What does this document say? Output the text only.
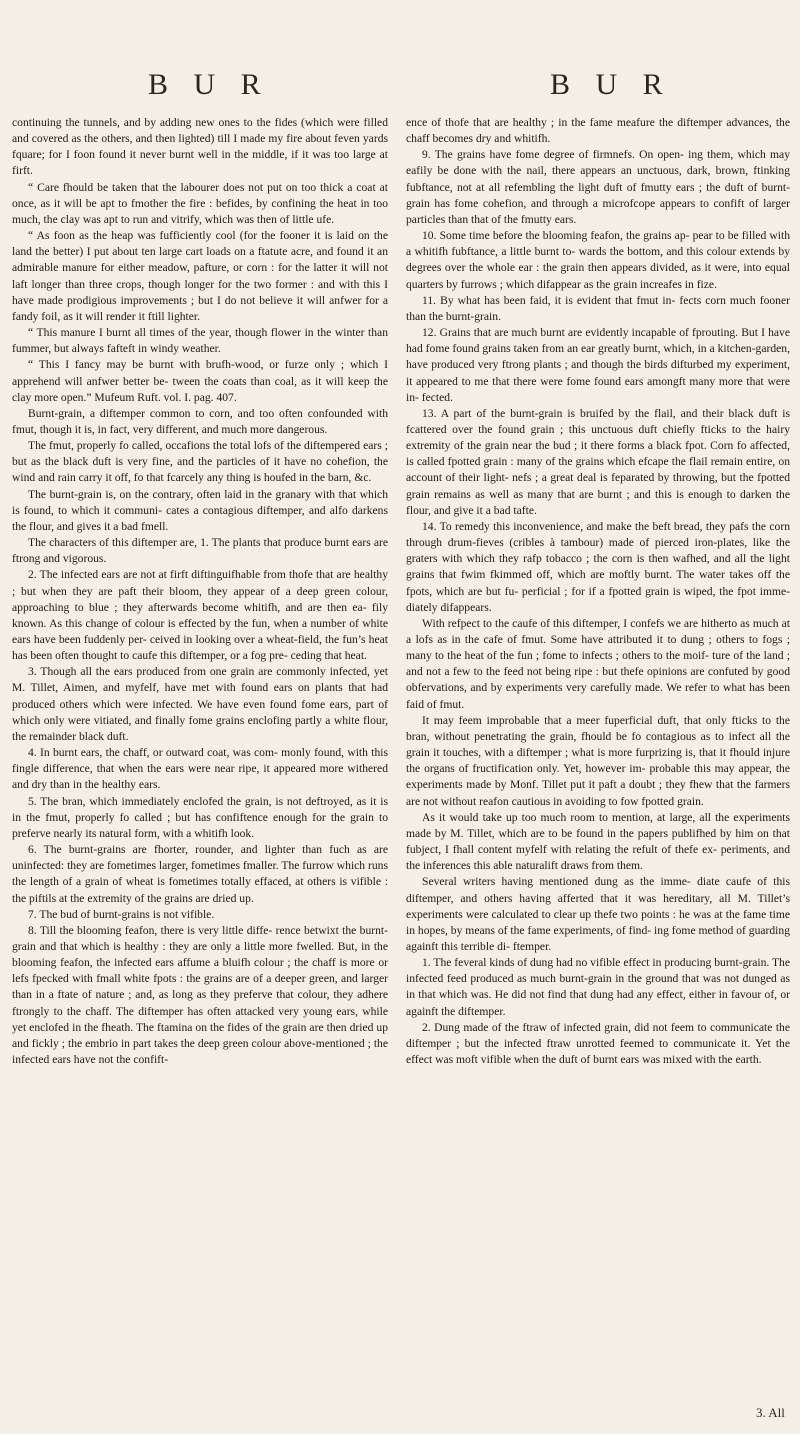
B U R	B U R

continuing the tunnels, and by adding new ones to the fides (which were filled and covered as the others, and then lighted) till I made my fire about feven yards fquare; for I foon found it never burnt well in the middle, if it was too large at firft.

“ Care fhould be taken that the labourer does not put on too thick a coat at once, as it will be apt to fmother the fire : befides, by confining the heat in too much, the clay was apt to run and vitrify, which was then of little ufe.

“ As foon as the heap was fufficiently cool (for the fooner it is laid on the land the better) I put about ten large cart loads on a ftatute acre, and found it an admirable manure for either meadow, pafture, or corn : for the latter it will not laft longer than three crops, though longer for the two former : and with this I have made prodigious improvements ; but I do not believe it will anfwer for a fandy foil, as it will render it ftill lighter.

“ This manure I burnt all times of the year, though flower in the winter than fummer, but always fafteft in windy weather.

“ This I fancy may be burnt with brufh-wood, or furze only ; which I apprehend will anfwer better be- tween the coats than coal, as it will keep the clay more open.” Mufeum Ruft. vol. I. pag. 407.

Burnt-grain, a diftemper common to corn, and too often confounded with fmut, though it is, in fact, very different, and much more dangerous.

The fmut, properly fo called, occafions the total lofs of the diftempered ears ; but as the black duft is very fine, and the particles of it have no cohefion, the wind and rain carry it off, fo that fcarcely any thing is houfed in the barn, &c.

The burnt-grain is, on the contrary, often laid in the granary with that which is found, to which it communi- cates a contagious diftemper, and alfo darkens the flour, and gives it a bad fmell.

The characters of this diftemper are, 1. The plants that produce burnt ears are ftrong and vigorous.

2. The infected ears are not at firft diftinguifhable from thofe that are healthy ; but when they are paft their bloom, they appear of a deep green colour, approaching to blue ; they afterwards become whitifh, and are then ea- fily known. As this change of colour is effected by the fun, when a number of white ears have been fuddenly per- ceived in looking over a wheat-field, the fun’s heat has been often thought to caufe this diftemper, or a fog pre- ceding that heat.

3. Though all the ears produced from one grain are commonly infected, yet M. Tillet, Aimen, and myfelf, have met with found ears on plants that had produced others which were infected. We have even found fome ears, part of which only were vitiated, and finally fome grains enclofing partly a white flour, the remainder black duft.

4. In burnt ears, the chaff, or outward coat, was com- monly found, with this fingle difference, that when the ears were near ripe, it appeared more withered and dry than in the healthy ears.

5. The bran, which immediately enclofed the grain, is not deftroyed, as it is in the fmut, properly fo called ; but has confiftence enough for the grain to preferve nearly its natural form, with a whitifh look.

6. The burnt-grains are fhorter, rounder, and lighter than fuch as are uninfected: they are fometimes larger, fometimes fmaller. The furrow which runs the length of a grain of wheat is fometimes totally effaced, at others is vifible : the piftils at the extremity of the grains are dried up.

7. The bud of burnt-grains is not vifible.

8. Till the blooming feafon, there is very little diffe- rence betwixt the burnt-grain and that which is healthy : they are only a little more fwelled. But, in the blooming feafon, the infected ears affume a bluifh colour ; the chaff is more or lefs fpecked with fmall white fpots : the grains are of a deeper green, and larger than in a ftate of nature ; and, as long as they preferve that colour, they adhere ftrongly to the chaff. The diftemper has often attacked very young ears, while yet enclofed in the fheath. The ftamina on the fides of the grain are then dried up and fickly ; the embrio in part takes the deep green colour above-mentioned ; the infected ears have not the confift-

ence of thofe that are healthy ; in the fame meafure the diftemper advances, the chaff becomes dry and whitifh.

9. The grains have fome degree of firmnefs. On open- ing them, which may eafily be done with the nail, there appears an unctuous, dark, brown, ftinking fubftance, not at all refembling the light duft of fmutty ears ; the duft of burnt-grain has fome cohefion, and through a microfcope appears to confift of larger particles than that of the fmutty ears.

10. Some time before the blooming feafon, the grains ap- pear to be filled with a whitifh fubftance, a little burnt to- wards the bottom, and this colour extends by degrees over the whole ear : the grain then appears divided, as it were, into equal quarters by furrows ; which difappear as the grain increafes in fize.

11. By what has been faid, it is evident that fmut in- fects corn much fooner than the burnt-grain.

12. Grains that are much burnt are evidently incapable of fprouting. But I have had fome found grains taken from an ear greatly burnt, which, in a kitchen-garden, have produced very ftrong plants ; and though the birds difturbed my experiment, it appeared to me that there were fome found ears amongft many more that were in- fected.

13. A part of the burnt-grain is bruifed by the flail, and their black duft is fcattered over the found grain ; this unctuous duft chiefly fticks to the hairy extremity of the grain near the bud ; it there forms a black fpot. Corn fo affected, is called fpotted grain : many of the grains which efcape the flail remain entire, on account of their light- nefs ; a great deal is feparated by throwing, but the fpotted grain remains as well as many that are burnt ; and this is enough to darken the flour, and give it a bad tafte.

14. To remedy this inconvenience, and make the beft bread, they pafs the corn through drum-fieves (cribles à tambour) made of pierced iron-plates, like the graters with which they rafp tobacco ; the corn is then wafhed, and all the light grains that fwim fkimmed off, which are moftly burnt. The water takes off the fpots, which are but fu- perficial ; for if a fpotted grain is wiped, the fpot imme- diately difappears.

With refpect to the caufe of this diftemper, I confefs we are hitherto as much at a lofs as in the cafe of fmut. Some have attributed it to dung ; others to fogs ; many to the heat of the fun ; fome to infects ; others to the moif- ture of the land ; and not a few to the feed not being ripe : but thefe opinions are confuted by good obfervations, and by experiments very carefully made. We refer to what has been faid of fmut.

It may feem improbable that a meer fuperficial duft, that only fticks to the bran, without penetrating the grain, fhould be fo contagious as to infect all the grain it touches, with a diftemper ; what is more furprizing is, that it fhould injure the organs of fructification only. Yet, however im- probable this may appear, the experiments made by Monf. Tillet put it paft a doubt ; they fhew that the farmers are not without reafon cautious in avoiding to fow fpotted grain.

As it would take up too much room to mention, at large, all the experiments made by M. Tillet, which are to be found in the papers publifhed by him on that fubject, I fhall content myfelf with relating the refult of thefe ex- periments, and the inferences this able naturalift draws from them.

Several writers having mentioned dung as the imme- diate caufe of this diftemper, and others having afferted that it was hereditary, all M. Tillet’s experiments were calculated to clear up thefe two points : he was at the fame time in hopes, by means of the fame experiments, of find- ing fome method of guarding againft this terrible di- ftemper.

1. The feveral kinds of dung had no vifible effect in producing burnt-grain. The infected feed produced as much burnt-grain in the ground that was not dunged as in that which was. He did not find that dung had any effect, either in favour of, or againft the diftemper.

2. Dung made of the ftraw of infected grain, did not feem to communicate the diftemper ; but the infected ftraw unrotted feemed to communicate it. Yet the effect was moft vifible when the duft of burnt ears was mixed with the earth.

3. All
